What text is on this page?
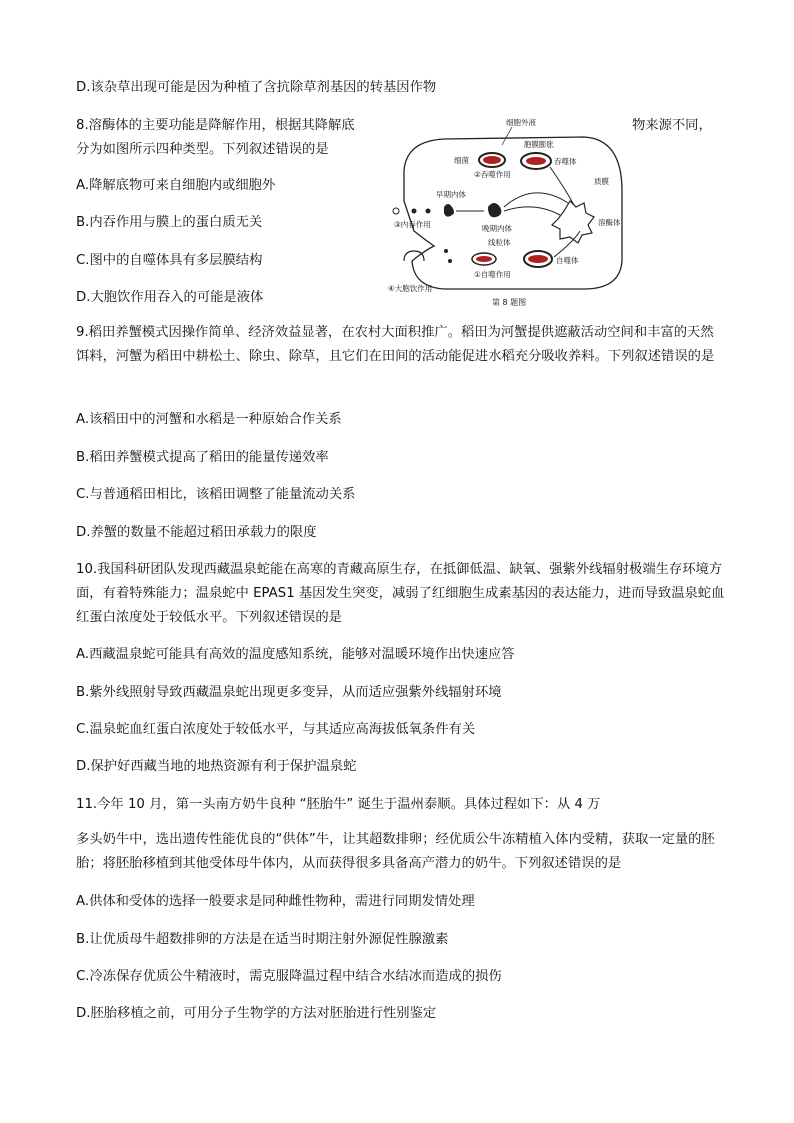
D.该杂草出现可能是因为种植了含抗除草剂基因的转基因作物
8.溶酶体的主要功能是降解作用，根据其降解底	物来源不同，
分为如图所示四种类型。下列叙述错误的是
A.降解底物可来自细胞内或细胞外
B.内吞作用与膜上的蛋白质无关
C.图中的自噬体具有多层膜结构
D.大胞饮作用吞入的可能是液体
细胞外液
胞膜膨胀
细菌	吞噬体
②吞噬作用
质膜
早期内体
③内吞作用	晚期内体
溶酶体
线粒体
自噬体
①自噬作用
④大胞饮作用
第 8 题图
9.稻田养蟹模式因操作简单、经济效益显著，在农村大面积推广。稻田为河蟹提供遮蔽活动空间和丰富的天然饵料，河蟹为稻田中耕松土、除虫、除草，且它们在田间的活动能促进水稻充分吸收养料。下列叙述错误的是
A.该稻田中的河蟹和水稻是一种原始合作关系
B.稻田养蟹模式提高了稻田的能量传递效率
C.与普通稻田相比，该稻田调整了能量流动关系
D.养蟹的数量不能超过稻田承载力的限度
10.我国科研团队发现西藏温泉蛇能在高寒的青藏高原生存，在抵御低温、缺氧、强紫外线辐射极端生存环境方面，有着特殊能力；温泉蛇中 EPAS1 基因发生突变，减弱了红细胞生成素基因的表达能力，进而导致温泉蛇血红蛋白浓度处于较低水平。下列叙述错误的是
A.西藏温泉蛇可能具有高效的温度感知系统，能够对温暖环境作出快速应答
B.紫外线照射导致西藏温泉蛇出现更多变异，从而适应强紫外线辐射环境
C.温泉蛇血红蛋白浓度处于较低水平，与其适应高海拔低氧条件有关
D.保护好西藏当地的地热资源有利于保护温泉蛇
11.今年 10 月，第一头南方奶牛良种 “胚胎牛” 诞生于温州泰顺。具体过程如下：从 4 万
多头奶牛中，选出遗传性能优良的“供体”牛，让其超数排卵；经优质公牛冻精植入体内受精，获取一定量的胚胎；将胚胎移植到其他受体母牛体内，从而获得很多具备高产潜力的奶牛。下列叙述错误的是
A.供体和受体的选择一般要求是同种雌性物种，需进行同期发情处理
B.让优质母牛超数排卵的方法是在适当时期注射外源促性腺激素
C.冷冻保存优质公牛精液时，需克服降温过程中结合水结冰而造成的损伤
D.胚胎移植之前，可用分子生物学的方法对胚胎进行性别鉴定
